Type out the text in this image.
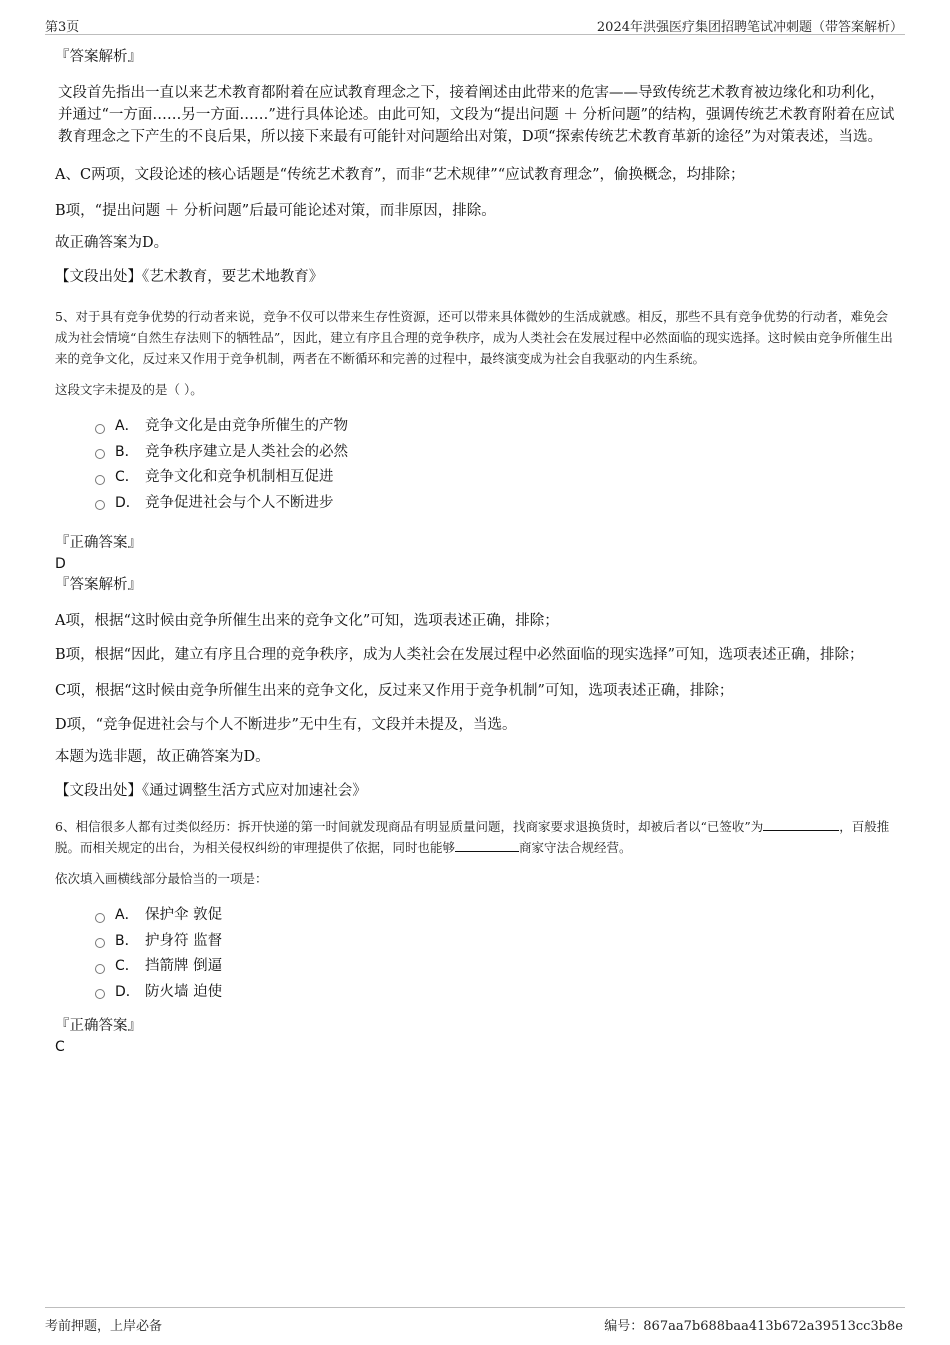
第3页	2024年洪强医疗集团招聘笔试冲刺题（带答案解析）

『答案解析』

文段首先指出一直以来艺术教育都附着在应试教育理念之下，接着阐述由此带来的危害——导致传统艺术教育被边缘化和功利化，并通过“一方面……另一方面……”进行具体论述。由此可知，文段为“提出问题 ＋ 分析问题”的结构，强调传统艺术教育附着在应试教育理念之下产生的不良后果，所以接下来最有可能针对问题给出对策，D项“探索传统艺术教育革新的途径”为对策表述，当选。

A、C两项，文段论述的核心话题是“传统艺术教育”，而非“艺术规律”“应试教育理念”，偷换概念，均排除；

B项，“提出问题 ＋ 分析问题”后最可能论述对策，而非原因，排除。

故正确答案为D。

【文段出处】《艺术教育，要艺术地教育》

5、对于具有竞争优势的行动者来说，竞争不仅可以带来生存性资源，还可以带来具体微妙的生活成就感。相反，那些不具有竞争优势的行动者，难免会成为社会情境“自然生存法则下的牺牲品”，因此，建立有序且合理的竞争秩序，成为人类社会在发展过程中必然面临的现实选择。这时候由竞争所催生出来的竞争文化，反过来又作用于竞争机制，两者在不断循环和完善的过程中，最终演变成为社会自我驱动的内生系统。

这段文字未提及的是（ ）。

A． 竞争文化是由竞争所催生的产物
B． 竞争秩序建立是人类社会的必然
C． 竞争文化和竞争机制相互促进
D． 竞争促进社会与个人不断进步

『正确答案』

D

『答案解析』

A项，根据“这时候由竞争所催生出来的竞争文化”可知，选项表述正确，排除；

B项，根据“因此，建立有序且合理的竞争秩序，成为人类社会在发展过程中必然面临的现实选择”可知，选项表述正确，排除；

C项，根据“这时候由竞争所催生出来的竞争文化，反过来又作用于竞争机制”可知，选项表述正确，排除；

D项，“竞争促进社会与个人不断进步”无中生有，文段并未提及，当选。

本题为选非题，故正确答案为D。

【文段出处】《通过调整生活方式应对加速社会》

6、相信很多人都有过类似经历：拆开快递的第一时间就发现商品有明显质量问题，找商家要求退换货时，却被后者以“已签收”为	，百般推脱。而相关规定的出台，为相关侵权纠纷的审理提供了依据，同时也能够	商家守法合规经营。

依次填入画横线部分最恰当的一项是：

A． 保护伞 敦促
B． 护身符 监督
C． 挡箭牌 倒逼
D． 防火墙 迫使

『正确答案』

C

考前押题，上岸必备	编号：867aa7b688baa413b672a39513cc3b8e
